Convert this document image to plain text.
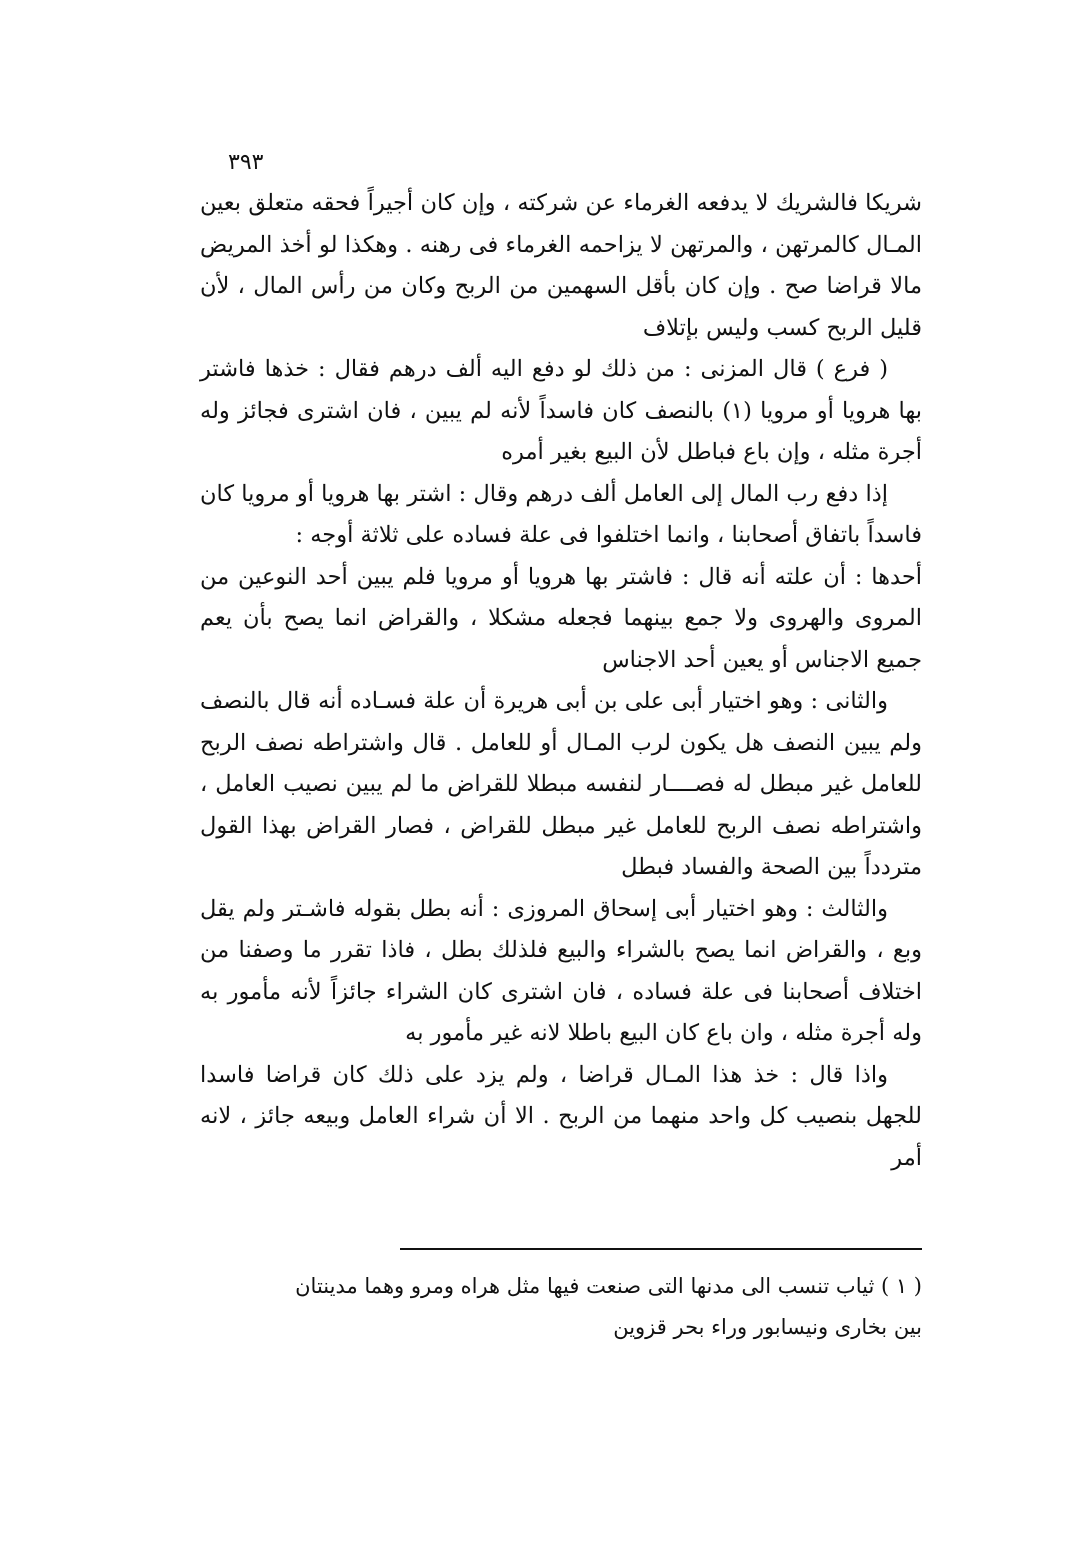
٣٩٣

شريكا فالشريك لا يدفعه الغرماء عن شركته ، وإن كان أجيراً فحقه متعلق بعين المـال كالمرتهن ، والمرتهن لا يزاحمه الغرماء فى رهنه . وهكذا لو أخذ المريض مالا قراضا صح . وإن كان بأقل السهمين من الربح وكان من رأس المال ، لأن قليل الربح كسب وليس بإتلاف

( فرع ) قال المزنى : من ذلك لو دفع اليه ألف درهم فقال : خذها فاشتر بها هرويا أو مرويا (١) بالنصف كان فاسداً لأنه لم يبين ، فان اشترى فجائز وله أجرة مثله ، وإن باع فباطل لأن البيع بغير أمره

إذا دفع رب المال إلى العامل ألف درهم وقال : اشتر بها هرويا أو مرويا كان فاسداً باتفاق أصحابنا ، وانما اختلفوا فى علة فساده على ثلاثة أوجه :

أحدها : أن علته أنه قال : فاشتر بها هرويا أو مرويا فلم يبين أحد النوعين من المروى والهروى ولا جمع بينهما فجعله مشكلا ، والقراض انما يصح بأن يعم جميع الاجناس أو يعين أحد الاجناس

والثانى : وهو اختيار أبى على بن أبى هريرة أن علة فسـاده أنه قال بالنصف ولم يبين النصف هل يكون لرب المـال أو للعامل . قال واشتراطه نصف الربح للعامل غير مبطل له فصــــار لنفسه مبطلا للقراض ما لم يبين نصيب العامل ، واشتراطه نصف الربح للعامل غير مبطل للقراض ، فصار القراض بهذا القول متردداً بين الصحة والفساد فبطل

والثالث : وهو اختيار أبى إسحاق المروزى : أنه بطل بقوله فاشـتر ولم يقل وبع ، والقراض انما يصح بالشراء والبيع فلذلك بطل ، فاذا تقرر ما وصفنا من اختلاف أصحابنا فى علة فساده ، فان اشترى كان الشراء جائزاً لأنه مأمور به وله أجرة مثله ، وان باع كان البيع باطلا لانه غير مأمور به

واذا قال : خذ هذا المـال قراضا ، ولم يزد على ذلك كان قراضا فاسدا للجهل بنصيب كل واحد منهما من الربح . الا أن شراء العامل وبيعه جائز ، لانه أمر

( ١ ) ثياب تنسب الى مدنها التى صنعت فيها مثل هراه ومرو وهما مدينتان

بين بخارى ونيسابور وراء بحر قزوين
